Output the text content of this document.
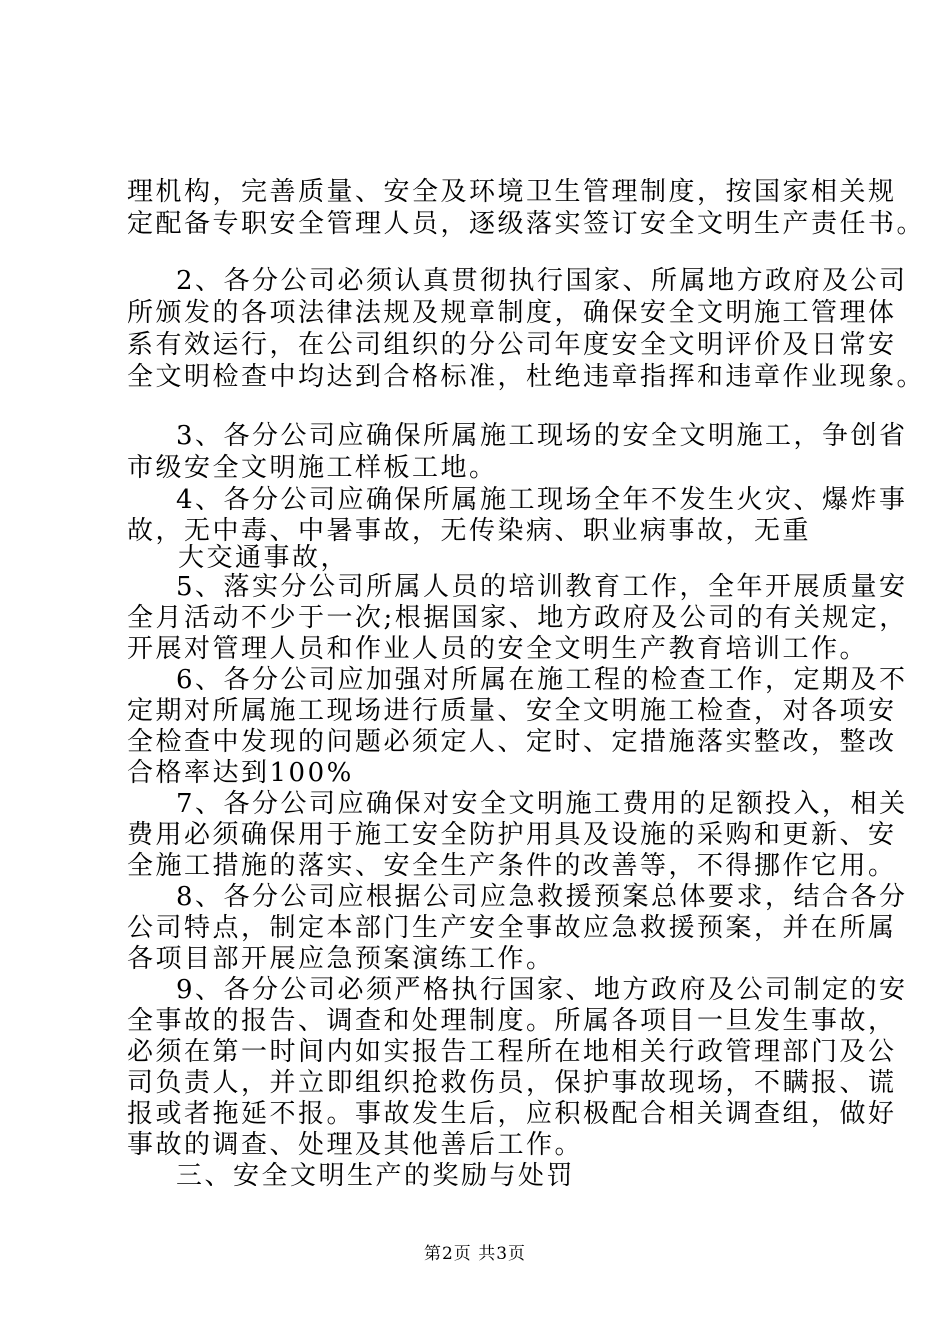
理机构，完善质量、安全及环境卫生管理制度，按国家相关规
定配备专职安全管理人员，逐级落实签订安全文明生产责任书。
2、各分公司必须认真贯彻执行国家、所属地方政府及公司
所颁发的各项法律法规及规章制度，确保安全文明施工管理体
系有效运行，在公司组织的分公司年度安全文明评价及日常安
全文明检查中均达到合格标准，杜绝违章指挥和违章作业现象。
3、各分公司应确保所属施工现场的安全文明施工，争创省
市级安全文明施工样板工地。
4、各分公司应确保所属施工现场全年不发生火灾、爆炸事
故，无中毒、中暑事故，无传染病、职业病事故，无重
大交通事故，
5、落实分公司所属人员的培训教育工作，全年开展质量安
全月活动不少于一次;根据国家、地方政府及公司的有关规定，
开展对管理人员和作业人员的安全文明生产教育培训工作。
6、各分公司应加强对所属在施工程的检查工作，定期及不
定期对所属施工现场进行质量、安全文明施工检查，对各项安
全检查中发现的问题必须定人、定时、定措施落实整改，整改
合格率达到100%
7、各分公司应确保对安全文明施工费用的足额投入，相关
费用必须确保用于施工安全防护用具及设施的采购和更新、安
全施工措施的落实、安全生产条件的改善等，不得挪作它用。
8、各分公司应根据公司应急救援预案总体要求，结合各分
公司特点，制定本部门生产安全事故应急救援预案，并在所属
各项目部开展应急预案演练工作。
9、各分公司必须严格执行国家、地方政府及公司制定的安
全事故的报告、调查和处理制度。所属各项目一旦发生事故，
必须在第一时间内如实报告工程所在地相关行政管理部门及公
司负责人，并立即组织抢救伤员，保护事故现场，不瞒报、谎
报或者拖延不报。事故发生后，应积极配合相关调查组，做好
事故的调查、处理及其他善后工作。
三、安全文明生产的奖励与处罚
第2页 共3页
